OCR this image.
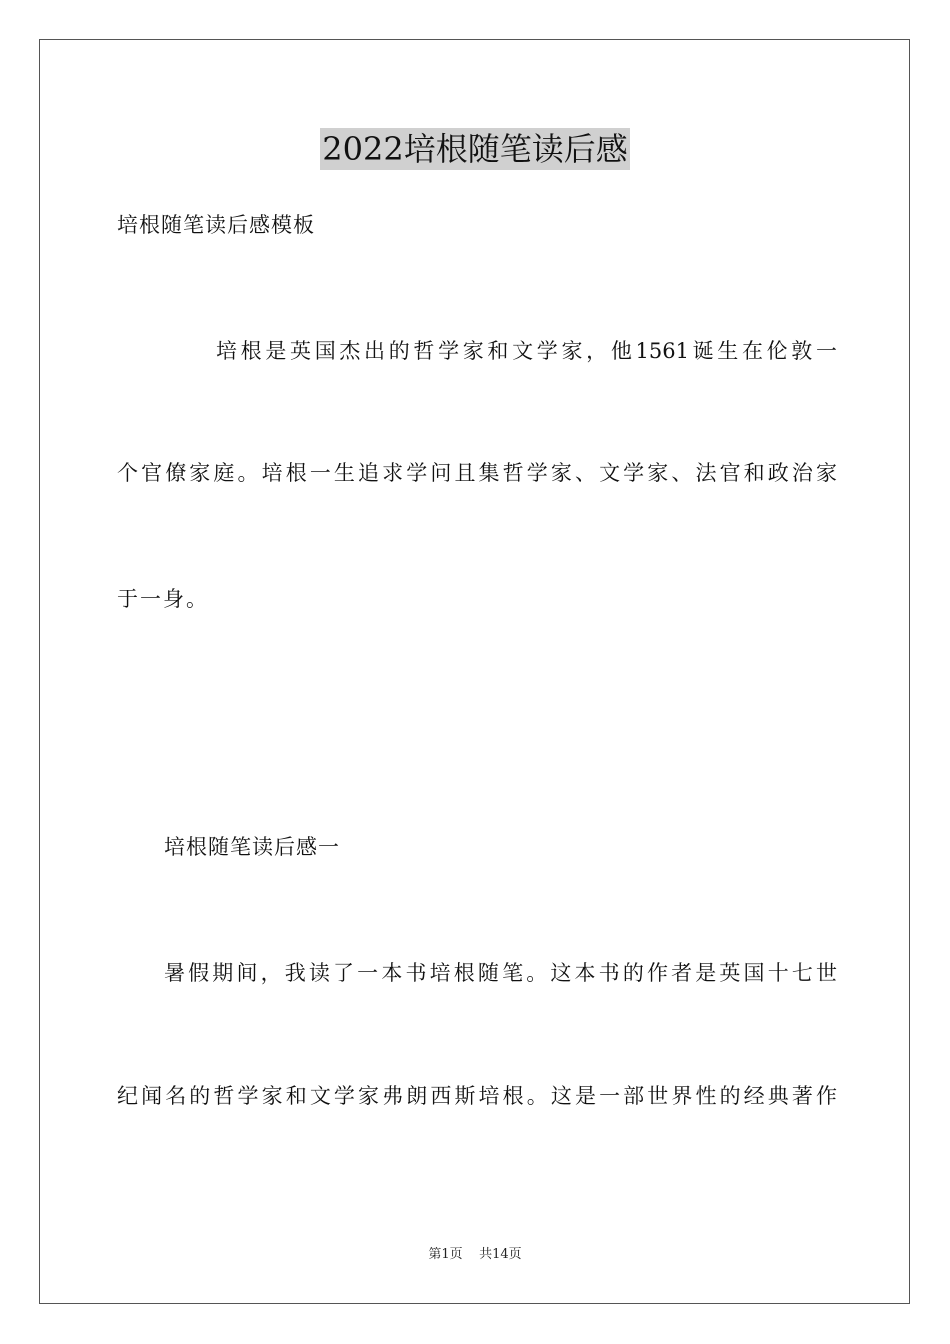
2022培根随笔读后感
培根随笔读后感模板
培根是英国杰出的哲学家和文学家，他1561诞生在伦敦一
个官僚家庭。培根一生追求学问且集哲学家、文学家、法官和政治家
于一身。
培根随笔读后感一
暑假期间，我读了一本书培根随笔。这本书的作者是英国十七世
纪闻名的哲学家和文学家弗朗西斯培根。这是一部世界性的经典著作
第1页 共14页
